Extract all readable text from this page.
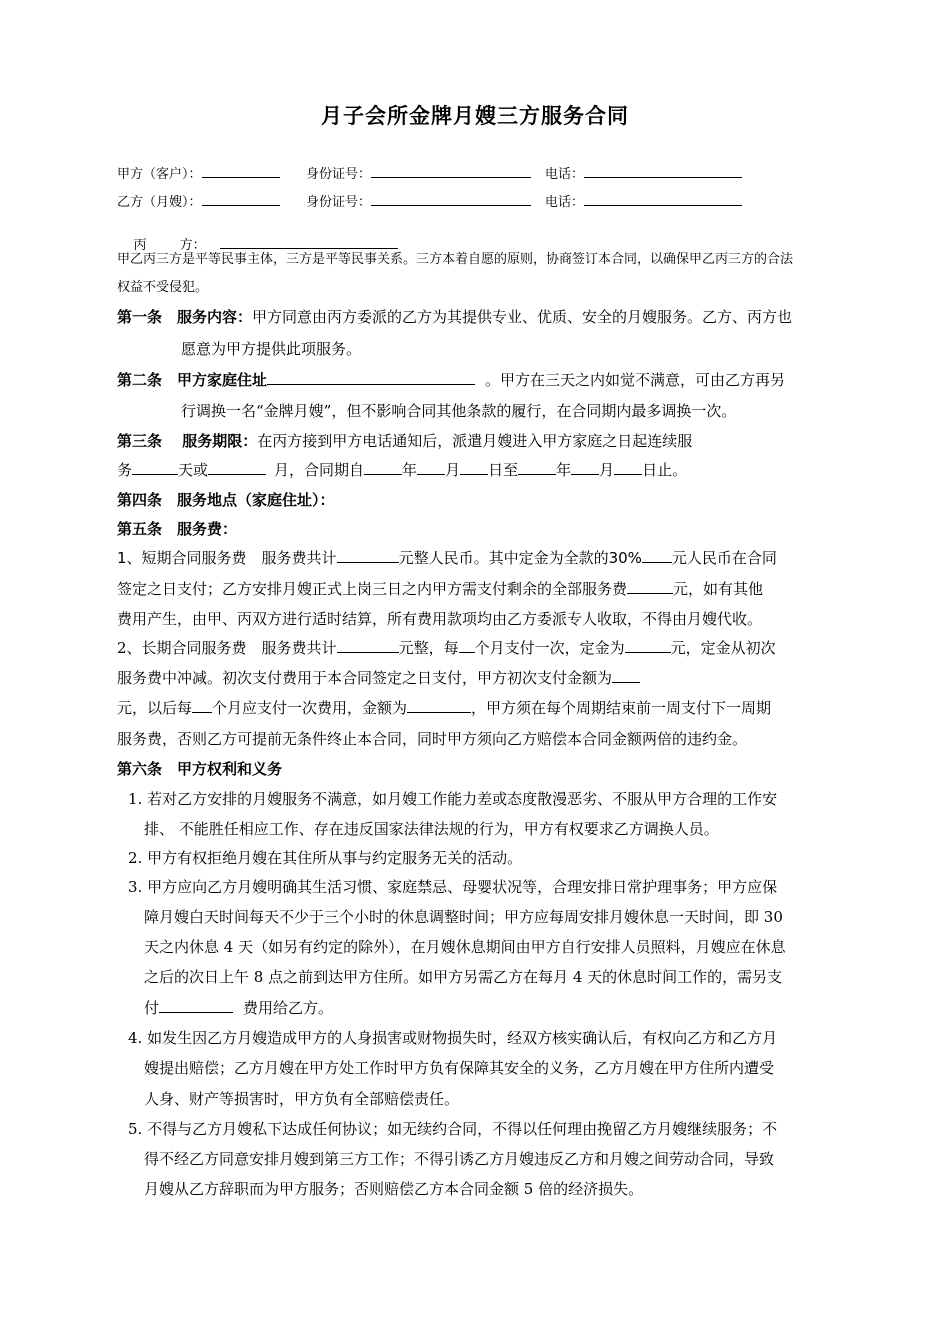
月子会所金牌月嫂三方服务合同
甲方（客户）：	身份证号：	电话：
乙方（月嫂）：	身份证号：	电话：

丙        方：

甲乙丙三方是平等民事主体，三方是平等民事关系。三方本着自愿的原则，协商签订本合同，以确保甲乙丙三方的合法
权益不受侵犯。
第一条　服务内容：甲方同意由丙方委派的乙方为其提供专业、优质、安全的月嫂服务。乙方、丙方也
愿意为甲方提供此项服务。
第二条　甲方家庭住址	。甲方在三天之内如觉不满意，可由乙方再另
行调换一名“金牌月嫂”，但不影响合同其他条款的履行，在合同期内最多调换一次。
第三条　 服务期限：在丙方接到甲方电话通知后，派遣月嫂进入甲方家庭之日起连续服
务	天或	月，合同期自	年 月 日至	年 月 日止。
第四条　服务地点（家庭住址）：
第五条　服务费：
1、短期合同服务费　服务费共计	元整人民币。其中定金为全款的30% 元人民币在合同
签定之日支付；乙方安排月嫂正式上岗三日之内甲方需支付剩余的全部服务费	元，如有其他
费用产生，由甲、丙双方进行适时结算，所有费用款项均由乙方委派专人收取，不得由月嫂代收。
2、长期合同服务费　服务费共计	元整，每 个月支付一次，定金为	元，定金从初次
服务费中冲减。初次支付费用于本合同签定之日支付，甲方初次支付金额为
元，以后每 个月应支付一次费用，金额为	，甲方须在每个周期结束前一周支付下一周期
服务费，否则乙方可提前无条件终止本合同，同时甲方须向乙方赔偿本合同金额两倍的违约金。
第六条　甲方权利和义务
1. 若对乙方安排的月嫂服务不满意，如月嫂工作能力差或态度散漫恶劣、不服从甲方合理的工作安
排、 不能胜任相应工作、存在违反国家法律法规的行为，甲方有权要求乙方调换人员。
2. 甲方有权拒绝月嫂在其住所从事与约定服务无关的活动。
3. 甲方应向乙方月嫂明确其生活习惯、家庭禁忌、母婴状况等，合理安排日常护理事务；甲方应保
障月嫂白天时间每天不少于三个小时的休息调整时间；甲方应每周安排月嫂休息一天时间，即 30
天之内休息 4 天（如另有约定的除外），在月嫂休息期间由甲方自行安排人员照料，月嫂应在休息
之后的次日上午 8 点之前到达甲方住所。如甲方另需乙方在每月 4 天的休息时间工作的，需另支
付	费用给乙方。
4. 如发生因乙方月嫂造成甲方的人身损害或财物损失时，经双方核实确认后，有权向乙方和乙方月
嫂提出赔偿；乙方月嫂在甲方处工作时甲方负有保障其安全的义务，乙方月嫂在甲方住所内遭受
人身、财产等损害时，甲方负有全部赔偿责任。
5. 不得与乙方月嫂私下达成任何协议；如无续约合同，不得以任何理由挽留乙方月嫂继续服务；不
得不经乙方同意安排月嫂到第三方工作；不得引诱乙方月嫂违反乙方和月嫂之间劳动合同，导致
月嫂从乙方辞职而为甲方服务；否则赔偿乙方本合同金额 5 倍的经济损失。
